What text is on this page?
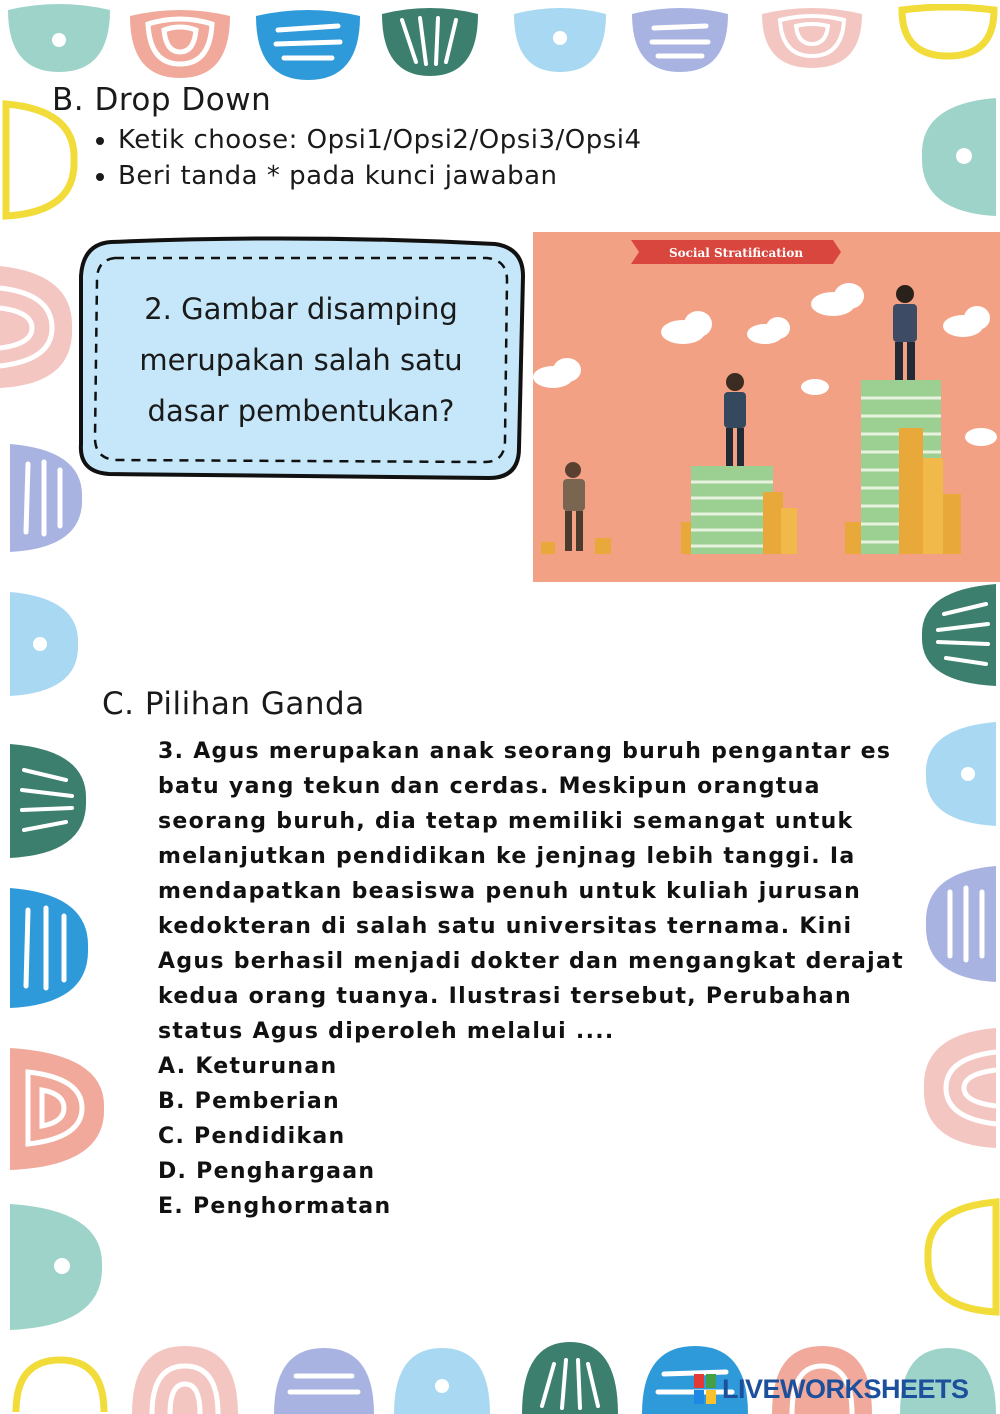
B. Drop Down
• Ketik choose: Opsi1/Opsi2/Opsi3/Opsi4
• Beri tanda * pada kunci jawaban
2. Gambar disamping merupakan salah satu dasar pembentukan?
Social Stratification
C. Pilihan Ganda

3. Agus merupakan anak seorang buruh pengantar es batu yang tekun dan cerdas. Meskipun orangtua seorang buruh, dia tetap memiliki semangat untuk melanjutkan pendidikan ke jenjnag lebih tanggi. Ia mendapatkan beasiswa penuh untuk kuliah jurusan kedokteran di salah satu universitas ternama. Kini Agus berhasil menjadi dokter dan mengangkat derajat kedua orang tuanya. Ilustrasi tersebut, Perubahan status Agus diperoleh melalui ....

A. Keturunan
B. Pemberian
C. Pendidikan
D. Penghargaan
E. Penghormatan
LIVEWORKSHEETS
